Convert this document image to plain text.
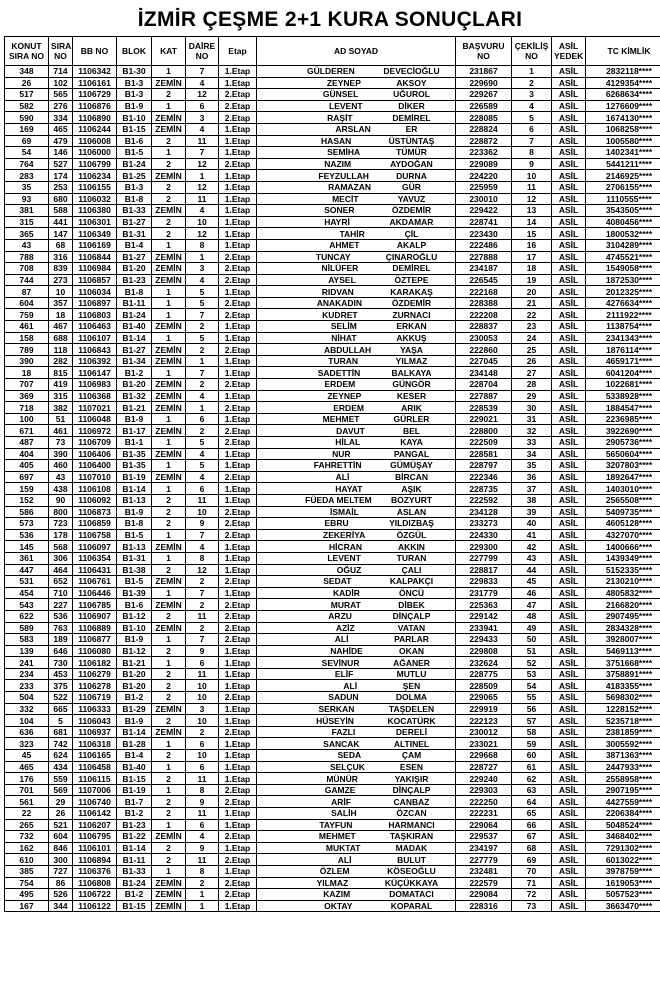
İZMİR ÇEŞME 2+1 KURA SONUÇLARI
KONUT SIRA NO	SIRA NO	BB NO	BLOK	KAT	DAİRE NO	Etap	AD SOYAD	BAŞVURU NO	ÇEKİLİŞ NO	ASİL YEDEK	TC KİMLİK
348	714	1106342	B1-30	1	7	1.Etap	GÜLDEREN DEVECİOĞLU	231867	1	ASİL	2832118****
26	102	1106161	B1-3	ZEMİN	4	1.Etap	ZEYNEP AKSOY	229690	2	ASİL	4129354****
517	565	1106729	B1-3	2	12	2.Etap	GÜNSEL UĞUROL	229267	3	ASİL	6268634****
582	276	1106876	B1-9	1	6	2.Etap	LEVENT DİKER	226589	4	ASİL	1276609****
590	334	1106890	B1-10	ZEMİN	3	2.Etap	RAŞİT DEMİREL	228085	5	ASİL	1674130****
169	465	1106244	B1-15	ZEMİN	4	1.Etap	ARSLAN ER	228824	6	ASİL	1068258****
69	479	1106008	B1-6	2	11	1.Etap	HASAN ÜSTÜNTAŞ	228872	7	ASİL	1005580****
54	146	1106000	B1-5	1	7	1.Etap	SEMİHA TÜMÜR	223362	8	ASİL	1402341****
764	527	1106799	B1-24	2	12	2.Etap	NAZIM AYDOĞAN	229089	9	ASİL	5441211****
283	174	1106234	B1-25	ZEMİN	1	1.Etap	FEYZULLAH DURNA	224220	10	ASİL	2146925****
35	253	1106155	B1-3	2	12	1.Etap	RAMAZAN GÜR	225959	11	ASİL	2706155****
93	680	1106032	B1-8	2	11	1.Etap	MECİT YAVUZ	230010	12	ASİL	1110555****
381	588	1106380	B1-33	ZEMİN	4	1.Etap	SONER ÖZDEMİR	229422	13	ASİL	3543505****
315	441	1106301	B1-27	2	10	1.Etap	HAYRİ AKDAMAR	228741	14	ASİL	4080456****
365	147	1106349	B1-31	2	12	1.Etap	TAHİR ÇİL	223430	15	ASİL	1800532****
43	68	1106169	B1-4	1	8	1.Etap	AHMET AKALP	222486	16	ASİL	3104289****
788	316	1106844	B1-27	ZEMİN	1	2.Etap	TUNCAY ÇINAROĞLU	227888	17	ASİL	4745521****
708	839	1106984	B1-20	ZEMİN	3	2.Etap	NİLÜFER DEMİREL	234187	18	ASİL	1549058****
744	273	1106857	B1-23	ZEMİN	4	2.Etap	AYSEL ÖZTEPE	226545	19	ASİL	1872530****
87	10	1106034	B1-8	1	5	1.Etap	RIDVAN KARAKAŞ	222168	20	ASİL	2012325****
604	357	1106897	B1-11	1	5	2.Etap	ANAKADIN ÖZDEMİR	228388	21	ASİL	4276634****
759	18	1106803	B1-24	1	7	2.Etap	KUDRET ZURNACI	222208	22	ASİL	2111922****
461	467	1106463	B1-40	ZEMİN	2	1.Etap	SELİM ERKAN	228837	23	ASİL	1138754****
158	688	1106107	B1-14	1	5	1.Etap	NİHAT AKKUŞ	230053	24	ASİL	2341343****
789	118	1106843	B1-27	ZEMİN	2	2.Etap	ABDULLAH YAŞA	222860	25	ASİL	1876114****
390	282	1106392	B1-34	ZEMİN	1	1.Etap	TURAN YILMAZ	227045	26	ASİL	4659171****
18	815	1106147	B1-2	1	7	1.Etap	SADETTİN BALKAYA	234148	27	ASİL	6041204****
707	419	1106983	B1-20	ZEMİN	2	2.Etap	ERDEM GÜNGÖR	228704	28	ASİL	1022681****
369	315	1106368	B1-32	ZEMİN	4	1.Etap	ZEYNEP KESER	227887	29	ASİL	5338928****
718	382	1107021	B1-21	ZEMİN	1	2.Etap	ERDEM ARIK	228539	30	ASİL	1884547****
100	51	1106048	B1-9	1	6	1.Etap	MEHMET GÜRLER	229021	31	ASİL	2236985****
671	461	1106972	B1-17	ZEMİN	2	2.Etap	DAVUT BEL	228800	32	ASİL	3922690****
487	73	1106709	B1-1	1	5	2.Etap	HİLAL KAYA	222509	33	ASİL	2905736****
404	390	1106406	B1-35	ZEMİN	4	1.Etap	NUR PANGAL	228581	34	ASİL	5650604****
405	460	1106400	B1-35	1	5	1.Etap	FAHRETTİN GÜMÜŞAY	228797	35	ASİL	3207803****
697	43	1107010	B1-19	ZEMİN	4	2.Etap	ALİ BİRCAN	222346	36	ASİL	1892647****
159	438	1106108	B1-14	1	6	1.Etap	HAYAT AŞIK	228735	37	ASİL	1403010****
152	90	1106092	B1-13	2	11	1.Etap	FÜEDA MELTEM BOZYURT	222592	38	ASİL	2565508****
586	800	1106873	B1-9	2	10	2.Etap	İSMAİL ASLAN	234128	39	ASİL	5409735****
573	723	1106859	B1-8	2	9	2.Etap	EBRU YILDIZBAŞ	233273	40	ASİL	4605128****
536	178	1106758	B1-5	1	7	2.Etap	ZEKERİYA ÖZGÜL	224330	41	ASİL	4327070****
145	568	1106097	B1-13	ZEMİN	4	1.Etap	HİCRAN AKKIN	229300	42	ASİL	1400666****
361	306	1106354	B1-31	1	8	1.Etap	LEVENT TURAN	227799	43	ASİL	1439349****
447	464	1106431	B1-38	2	12	1.Etap	OĞUZ ÇALI	228817	44	ASİL	5152335****
531	652	1106761	B1-5	ZEMİN	2	2.Etap	SEDAT KALPAKÇI	229833	45	ASİL	2130210****
454	710	1106446	B1-39	1	7	1.Etap	KADİR ÖNCÜ	231779	46	ASİL	4805832****
543	227	1106785	B1-6	ZEMİN	2	2.Etap	MURAT DİBEK	225363	47	ASİL	2166820****
622	536	1106907	B1-12	2	11	2.Etap	ARZU DİNÇALP	229142	48	ASİL	2907495****
589	763	1106889	B1-10	ZEMİN	2	2.Etap	AZİZ VATAN	233941	49	ASİL	2834328****
583	189	1106877	B1-9	1	7	2.Etap	ALİ PARLAR	229433	50	ASİL	3928007****
139	646	1106080	B1-12	2	9	1.Etap	NAHİDE OKAN	229808	51	ASİL	5469113****
241	730	1106182	B1-21	1	6	1.Etap	SEVİNUR AĞANER	232624	52	ASİL	3751668****
234	453	1106279	B1-20	2	11	1.Etap	ELİF MUTLU	228775	53	ASİL	3758891****
233	375	1106278	B1-20	2	10	1.Etap	ALİ ŞEN	228509	54	ASİL	4183355****
504	522	1106719	B1-2	2	10	2.Etap	SADUN DOLMA	229065	55	ASİL	5698302****
332	665	1106333	B1-29	ZEMİN	3	1.Etap	SERKAN TAŞDELEN	229919	56	ASİL	1228152****
104	5	1106043	B1-9	2	10	1.Etap	HÜSEYİN KOCATÜRK	222123	57	ASİL	5235718****
636	681	1106937	B1-14	ZEMİN	2	2.Etap	FAZLI DERELİ	230012	58	ASİL	2381859****
323	742	1106318	B1-28	1	6	1.Etap	SANCAK ALTINEL	233021	59	ASİL	3005592****
45	624	1106165	B1-4	2	10	1.Etap	SEDA ÇAM	229668	60	ASİL	3871363****
465	434	1106458	B1-40	1	6	1.Etap	SELÇUK ESEN	228727	61	ASİL	2447933****
176	559	1106115	B1-15	2	11	1.Etap	MÜNÜR YAKIŞIR	229240	62	ASİL	2558958****
701	569	1107006	B1-19	1	8	2.Etap	GAMZE DİNÇALP	229303	63	ASİL	2907195****
561	29	1106740	B1-7	2	9	2.Etap	ARİF CANBAZ	222250	64	ASİL	4427559****
22	26	1106142	B1-2	2	11	1.Etap	SALİH ÖZCAN	222231	65	ASİL	2206384****
265	521	1106207	B1-23	1	6	1.Etap	TAYFUN HARMANCI	229064	66	ASİL	5048524****
732	604	1106795	B1-22	ZEMİN	4	2.Etap	MEHMET TAŞKIRAN	229537	67	ASİL	3468402****
162	846	1106101	B1-14	2	9	1.Etap	MUKTAT MADAK	234197	68	ASİL	7291302****
610	300	1106894	B1-11	2	11	2.Etap	ALİ BULUT	227779	69	ASİL	6013022****
385	727	1106376	B1-33	1	8	1.Etap	ÖZLEM KÖSEOĞLU	232481	70	ASİL	3978759****
754	86	1106808	B1-24	ZEMİN	2	2.Etap	YILMAZ KÜÇÜKKAYA	222579	71	ASİL	1619053****
495	526	1106722	B1-2	ZEMİN	1	2.Etap	KAZIM DOMATACI	229084	72	ASİL	5057523****
167	344	1106122	B1-15	ZEMİN	1	1.Etap	OKTAY KOPARAL	228316	73	ASİL	3663470****
